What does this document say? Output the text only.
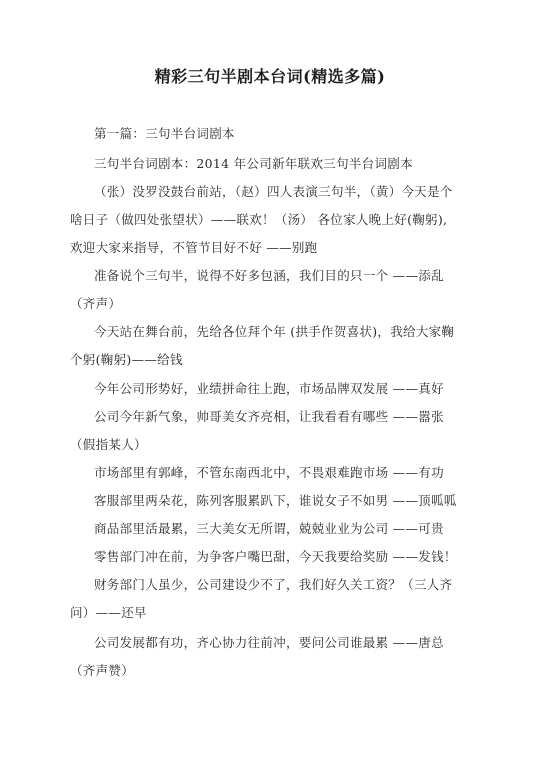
精彩三句半剧本台词(精选多篇)
第一篇：三句半台词剧本
三句半台词剧本：2014 年公司新年联欢三句半台词剧本
（张）没罗没鼓台前站，（赵）四人表演三句半，（黄）今天是个
啥日子（做四处张望状）——联欢！（汤） 各位家人晚上好(鞠躬),
欢迎大家来指导，不管节目好不好 ——别跑
准备说个三句半，说得不好多包涵，我们目的只一个 ——添乱
（齐声）
今天站在舞台前，先给各位拜个年 (拱手作贺喜状)，我给大家鞠
个躬(鞠躬)——给钱
今年公司形势好，业绩拼命往上跑，市场品牌双发展 ——真好
公司今年新气象，帅哥美女齐亮相，让我看看有哪些 ——嚣张
（假指某人）
市场部里有郭峰，不管东南西北中，不畏艰难跑市场 ——有功
客服部里两朵花，陈列客服累趴下，谁说女子不如男 ——顶呱呱
商品部里活最累，三大美女无所谓，兢兢业业为公司 ——可贵
零售部门冲在前，为争客户嘴巴甜，今天我要给奖励 ——发钱！
财务部门人虽少，公司建设少不了，我们好久关工资？（三人齐
问）——还早
公司发展都有功，齐心协力往前冲，要问公司谁最累 ——唐总
（齐声赞）
